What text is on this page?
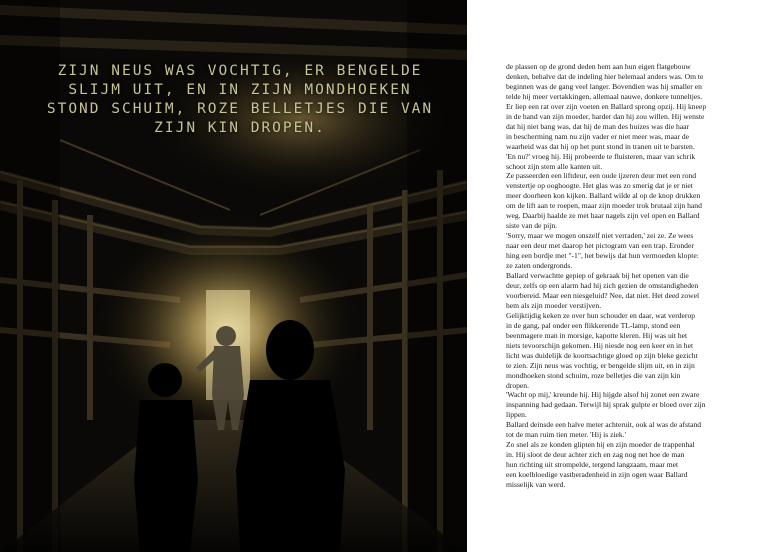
ZIJN NEUS WAS VOCHTIG, ER BENGELDE
SLIJM UIT, EN IN ZIJN MONDHOEKEN
STOND SCHUIM, ROZE BELLETJES DIE VAN
ZIJN KIN DROPEN.

de plassen op de grond deden hem aan hun eigen flatgebouw
denken, behalve dat de indeling hier helemaal anders was. Om te
beginnen was de gang veel langer. Bovendien was hij smaller en
telde hij meer vertakkingen, allemaal nauwe, donkere tunneltjes.
Er liep een rat over zijn voeten en Ballard sprong opzij. Hij kneep
in de hand van zijn moeder, harder dan hij zou willen. Hij wenste
dat hij niet bang was, dat hij de man des huizes was die haar
in bescherming nam nu zijn vader er niet meer was, maar de
waarheid was dat hij op het punt stond in tranen uit te barsten.
'En nu?' vroeg hij. Hij probeerde te fluisteren, maar van schrik
schoot zijn stem alle kanten uit.
Ze passeerden een liftdeur, een oude ijzeren deur met een rond
venstertje op ooghoogte. Het glas was zo smerig dat je er niet
meer doorheen kon kijken. Ballard wilde al op de knop drukken
om de lift aan te roepen, maar zijn moeder trok brutaal zijn hand
weg. Daarbij haalde ze met haar nagels zijn vel open en Ballard
siste van de pijn.
'Sorry, maar we mogen onszelf niet verraden,' zei ze. Ze wees
naar een deur met daarop het pictogram van een trap. Eronder
hing een bordje met "-1", het bewijs dat hun vermoeden klopte:
ze zaten ondergronds.
Ballard verwachtte gepiep of gekraak bij het openen van die
deur, zelfs op een alarm had hij zich gezien de omstandigheden
voorbereid. Maar een niesgeluid? Nee, dat niet. Het deed zowel
hem als zijn moeder verstijven.
Gelijktijdig keken ze over hun schouder en daar, wat verderop
in de gang, pal onder een flikkerende TL-lamp, stond een
beenmagere man in morsige, kapotte kleren. Hij was uit het
niets tevoorschijn gekomen. Hij niesde nog een keer en in het
licht was duidelijk de koortsachtige gloed op zijn bleke gezicht
te zien. Zijn neus was vochtig, er bengelde slijm uit, en in zijn
mondhoeken stond schuim, roze belletjes die van zijn kin
dropen.
'Wacht op mij,' kreunde hij. Hij hijgde alsof hij zonet een zware
inspanning had gedaan. Terwijl hij sprak gulpte er bloed over zijn
lippen.
Ballard deinsde een halve meter achteruit, ook al was de afstand
tot de man ruim tien meter. 'Hij is ziek.'
Zo snel als ze konden glipten hij en zijn moeder de trappenhal
in. Hij sloot de deur achter zich en zag nog net hoe de man
hun richting uit strompelde, tergend langzaam, maar met
een koelbloedige vastberadenheid in zijn ogen waar Ballard
misselijk van werd.
